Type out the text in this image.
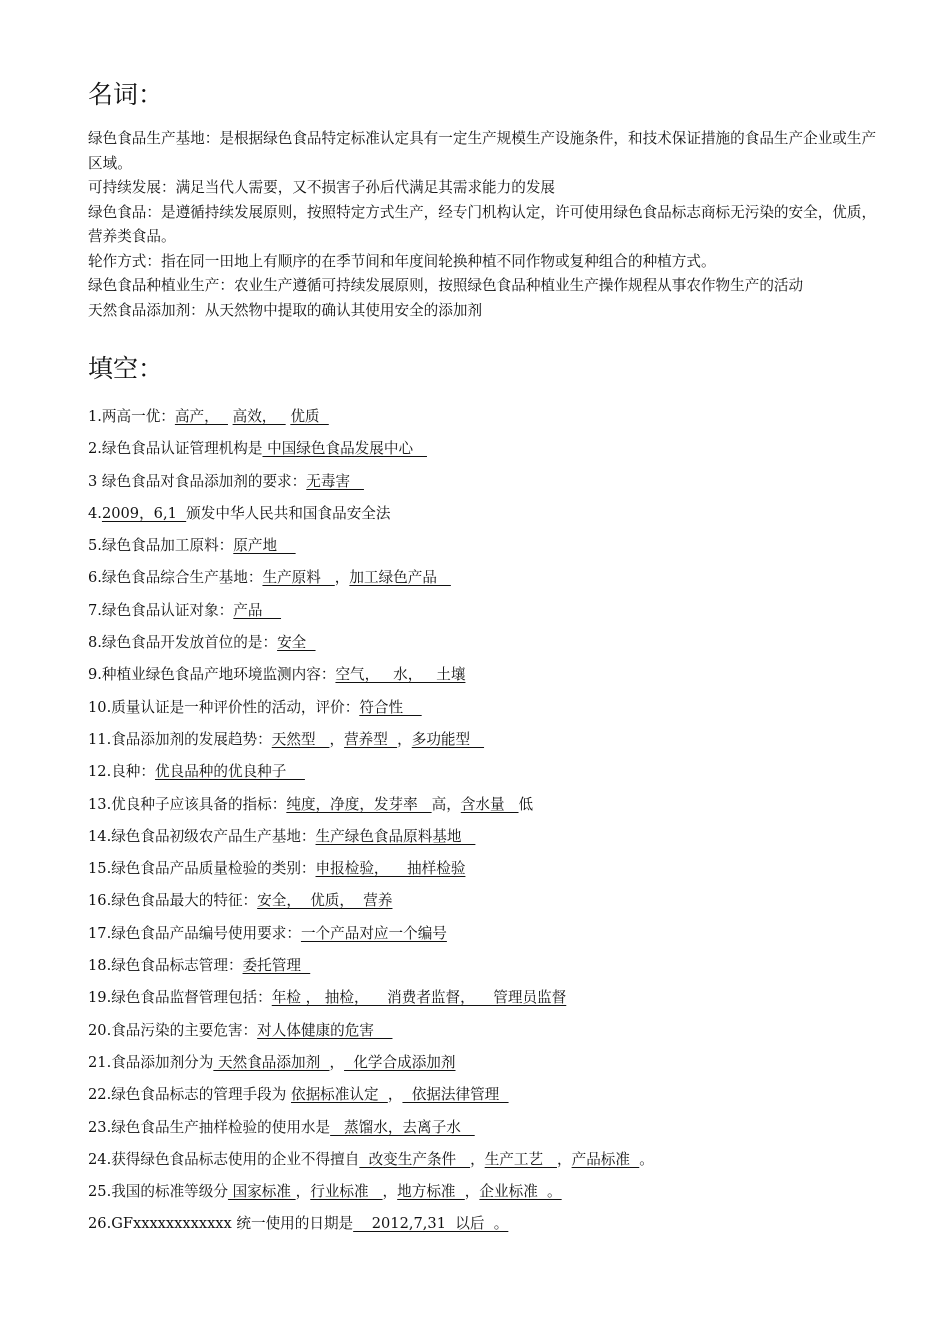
名词：

绿色食品生产基地：是根据绿色食品特定标准认定具有一定生产规模生产设施条件，和技术保证措施的食品生产企业或生产区域。

可持续发展：满足当代人需要，又不损害子孙后代满足其需求能力的发展

绿色食品：是遵循持续发展原则，按照特定方式生产，经专门机构认定，许可使用绿色食品标志商标无污染的安全，优质，营养类食品。

轮作方式：指在同一田地上有顺序的在季节间和年度间轮换种植不同作物或复种组合的种植方式。

绿色食品种植业生产：农业生产遵循可持续发展原则，按照绿色食品种植业生产操作规程从事农作物生产的活动

天然食品添加剂：从天然物中提取的确认其使用安全的添加剂

填空：
1.两高一优：高产，   高效，   优质
2.绿色食品认证管理机构是 中国绿色食品发展中心
3 绿色食品对食品添加剂的要求：无毒害
4.2009，6,1  颁发中华人民共和国食品安全法
5.绿色食品加工原料：原产地
6.绿色食品综合生产基地：生产原料   ，加工绿色产品
7.绿色食品认证对象：产品
8.绿色食品开发放首位的是：安全
9.种植业绿色食品产地环境监测内容：空气，   水，   土壤
10.质量认证是一种评价性的活动，评价：符合性
11.食品添加剂的发展趋势：天然型   ，营养型  ，多功能型
12.良种：优良品种的优良种子
13.优良种子应该具备的指标：纯度，净度，发芽率   高，含水量   低
14.绿色食品初级农产品生产基地：生产绿色食品原料基地
15.绿色食品产品质量检验的类别：申报检验，    抽样检验
16.绿色食品最大的特征：安全，  优质，  营养
17.绿色食品产品编号使用要求：一个产品对应一个编号
18.绿色食品标志管理：委托管理
19.绿色食品监督管理包括：年检 ， 抽检，    消费者监督，    管理员监督
20.食品污染的主要危害：对人体健康的危害
21.食品添加剂分为 天然食品添加剂  ，  化学合成添加剂
22.绿色食品标志的管理手段为 依据标准认定  ，  依据法律管理
23.绿色食品生产抽样检验的使用水是   蒸馏水，去离子水
24.获得绿色食品标志使用的企业不得擅自  改变生产条件   ，生产工艺   ，产品标准  。
25.我国的标准等级分 国家标准 ，行业标准   ，地方标准  ，企业标准  。
26.GFxxxxxxxxxxxx 统一使用的日期是    2012,7,31  以后  。
